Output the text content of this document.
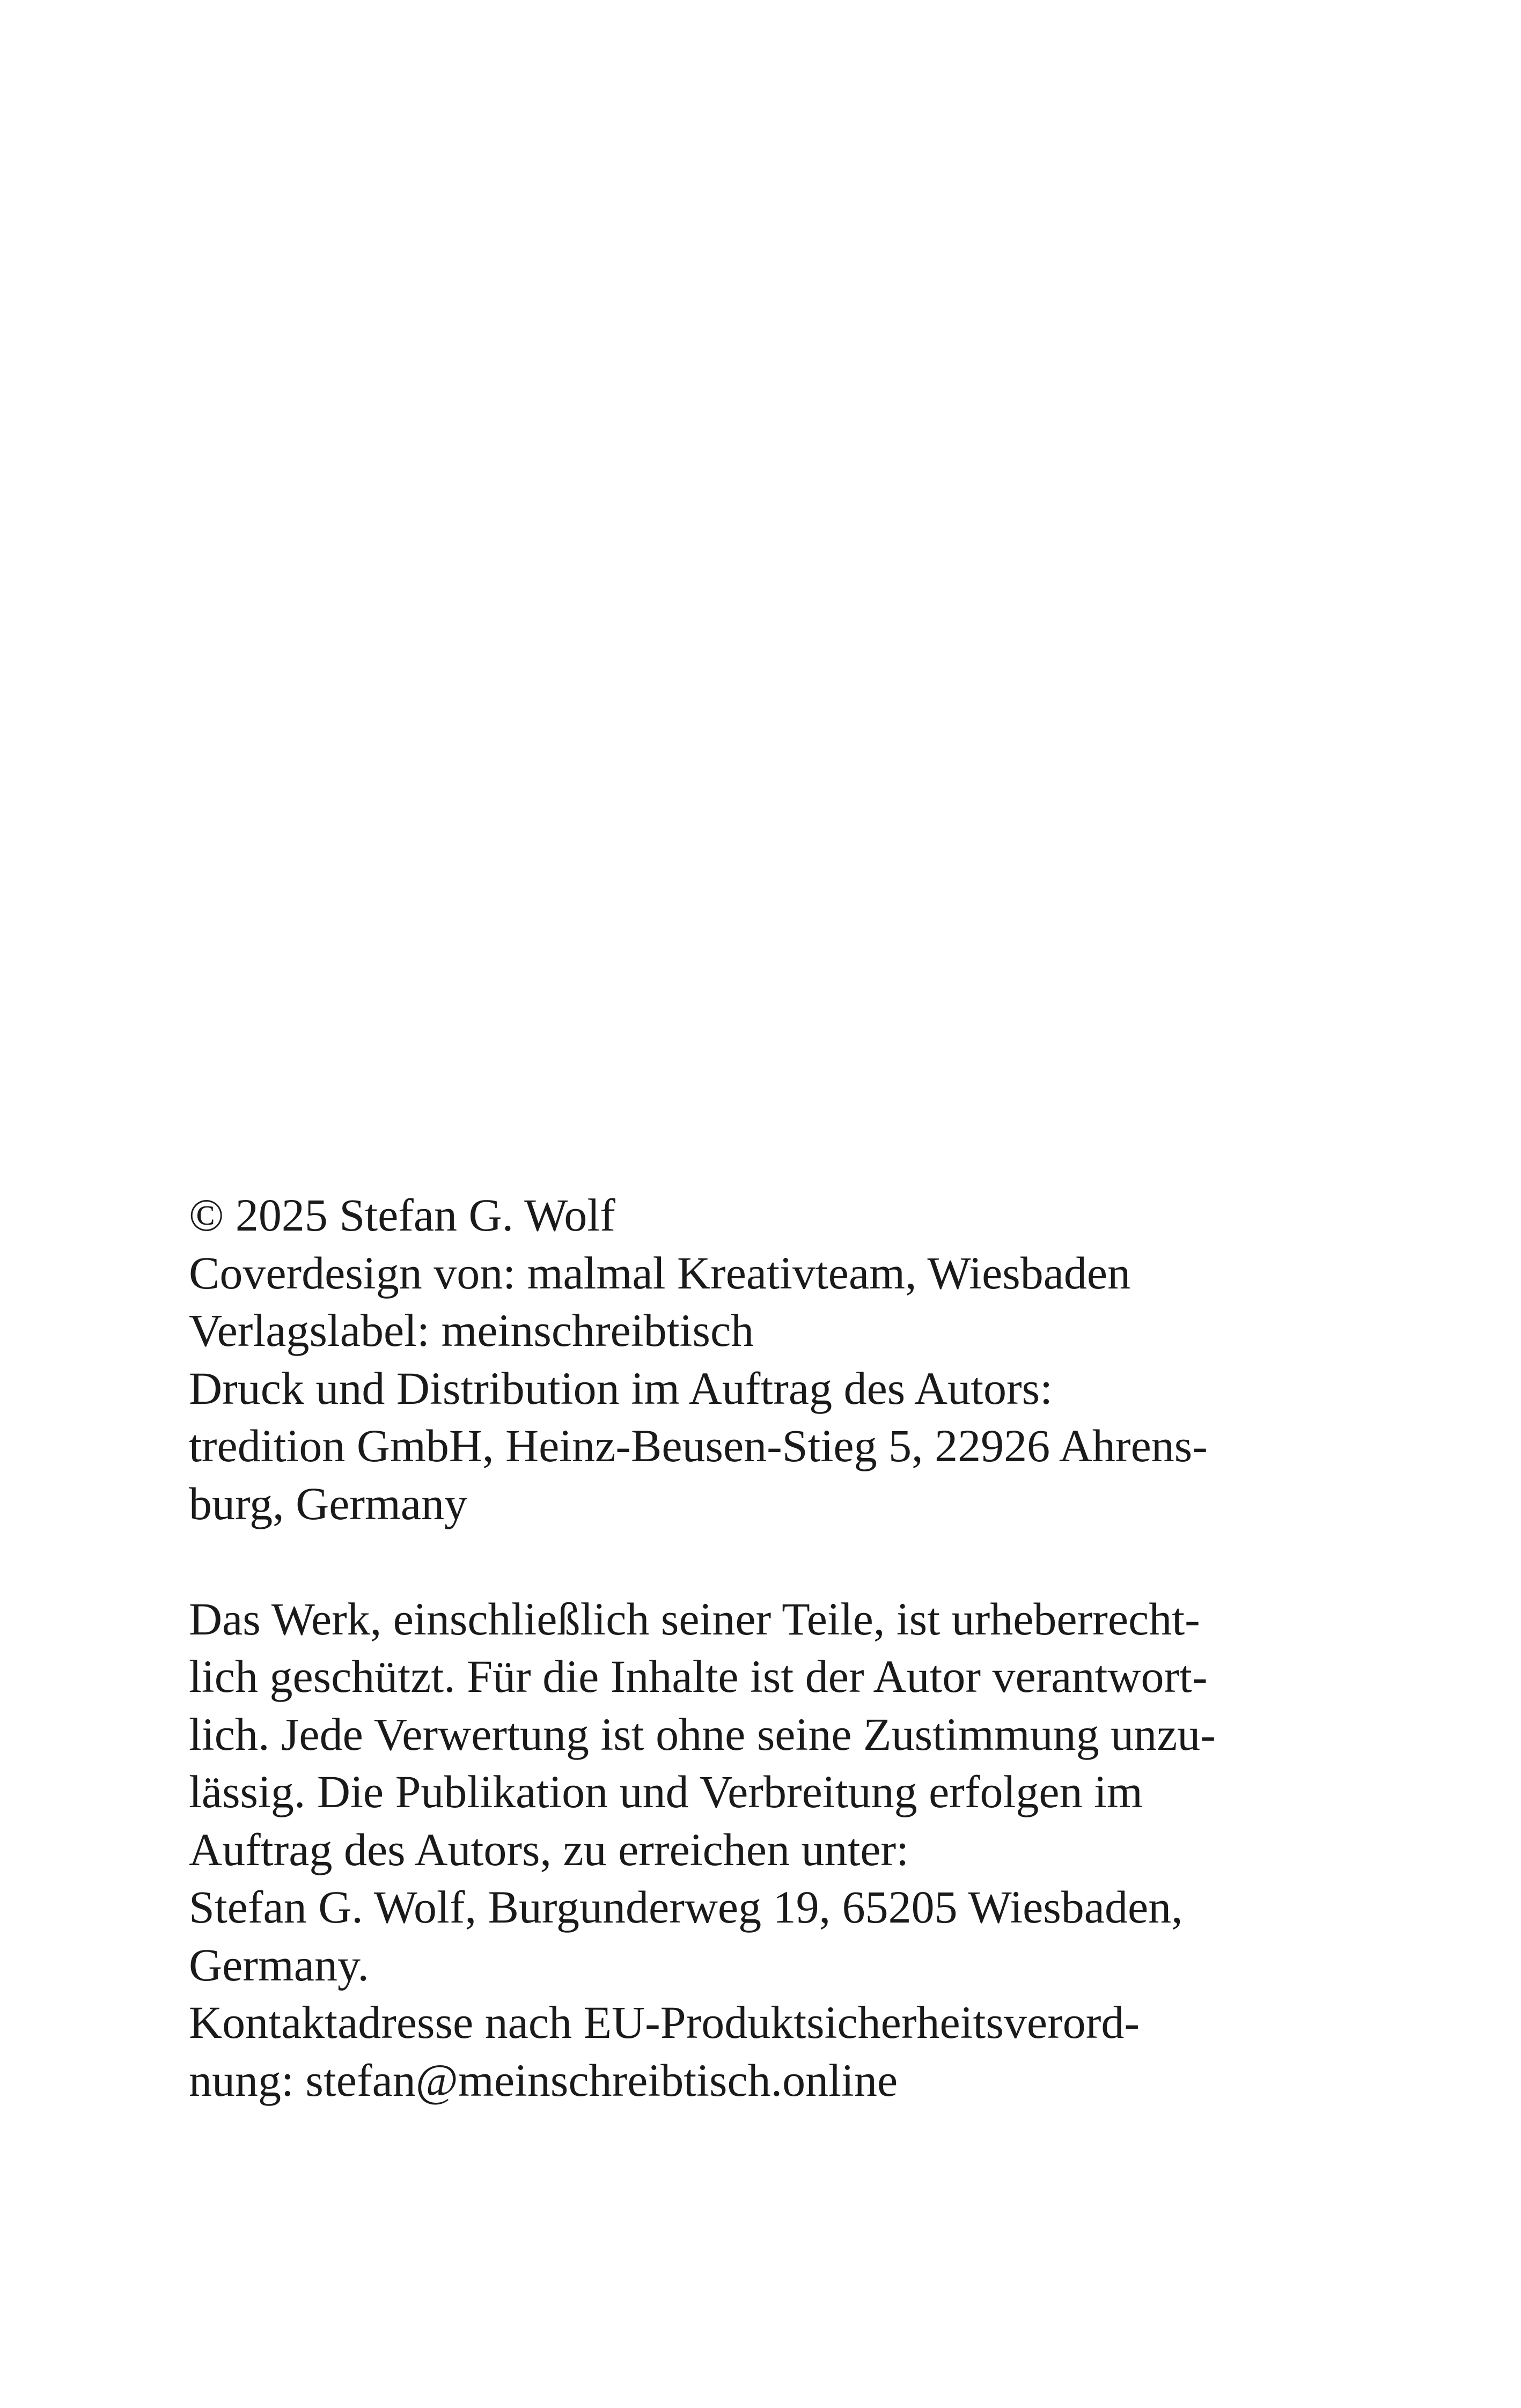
© 2025 Stefan G. Wolf
Coverdesign von: malmal Kreativteam, Wiesbaden
Verlagslabel: meinschreibtisch
Druck und Distribution im Auftrag des Autors:
tredition GmbH, Heinz-Beusen-Stieg 5, 22926 Ahrens-
burg, Germany
Das Werk, einschließlich seiner Teile, ist urheberrecht-
lich geschützt. Für die Inhalte ist der Autor verantwort-
lich. Jede Verwertung ist ohne seine Zustimmung unzu-
lässig. Die Publikation und Verbreitung erfolgen im
Auftrag des Autors, zu erreichen unter:
Stefan G. Wolf, Burgunderweg 19, 65205 Wiesbaden,
Germany.
Kontaktadresse nach EU-Produktsicherheitsverord-
nung: stefan@meinschreibtisch.online
